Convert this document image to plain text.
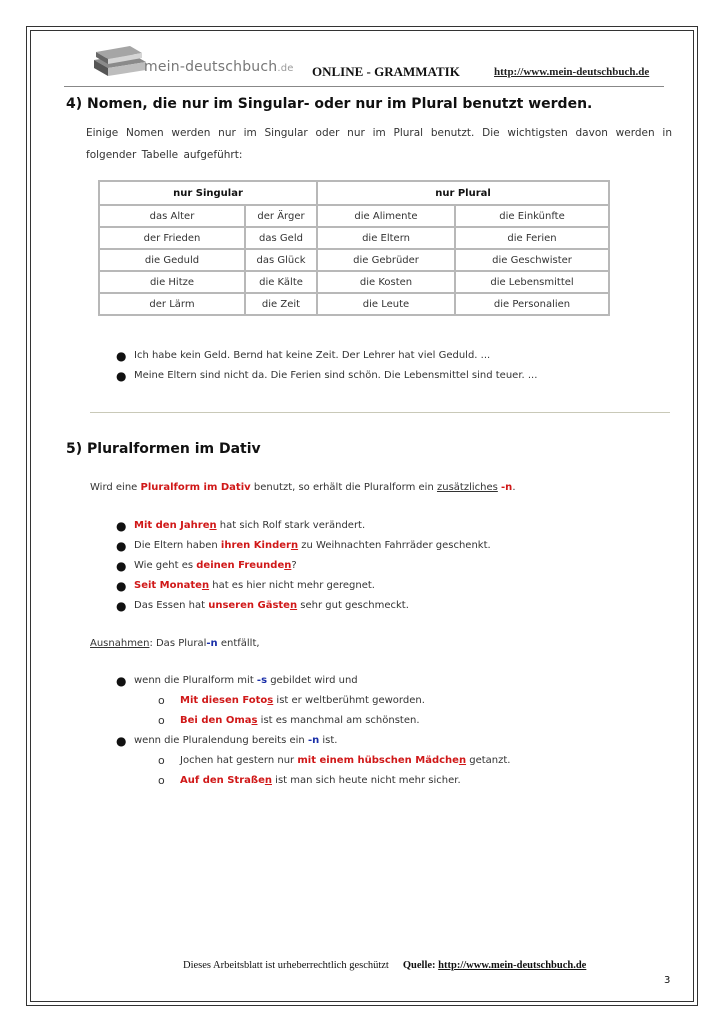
mein-deutschbuch.de ONLINE - GRAMMATIK	http://www.mein-deutschbuch.de
4) Nomen, die nur im Singular- oder nur im Plural benutzt werden.
Einige Nomen werden nur im Singular oder nur im Plural benutzt. Die wichtigsten davon werden in folgender Tabelle aufgeführt:
nur Singular		nur Plural	
das Alter	der Ärger	die Alimente	die Einkünfte
der Frieden	das Geld	die Eltern	die Ferien
die Geduld	das Glück	die Gebrüder	die Geschwister
die Hitze	die Kälte	die Kosten	die Lebensmittel
der Lärm	die Zeit	die Leute	die Personalien
● Ich habe kein Geld. Bernd hat keine Zeit. Der Lehrer hat viel Geduld. ...
● Meine Eltern sind nicht da. Die Ferien sind schön. Die Lebensmittel sind teuer. ...
5) Pluralformen im Dativ
Wird eine Pluralform im Dativ benutzt, so erhält die Pluralform ein zusätzliches -n.
● Mit den Jahren hat sich Rolf stark verändert.
● Die Eltern haben ihren Kindern zu Weihnachten Fahrräder geschenkt.
● Wie geht es deinen Freunden?
● Seit Monaten hat es hier nicht mehr geregnet.
● Das Essen hat unseren Gästen sehr gut geschmeckt.
Ausnahmen: Das Plural-n entfällt,
● wenn die Pluralform mit -s gebildet wird und
o Mit diesen Fotos ist er weltberühmt geworden.
o Bei den Omas ist es manchmal am schönsten.
● wenn die Pluralendung bereits ein -n ist.
o Jochen hat gestern nur mit einem hübschen Mädchen getanzt.
o Auf den Straßen ist man sich heute nicht mehr sicher.
Dieses Arbeitsblatt ist urheberrechtlich geschützt Quelle: http://www.mein-deutschbuch.de
3
